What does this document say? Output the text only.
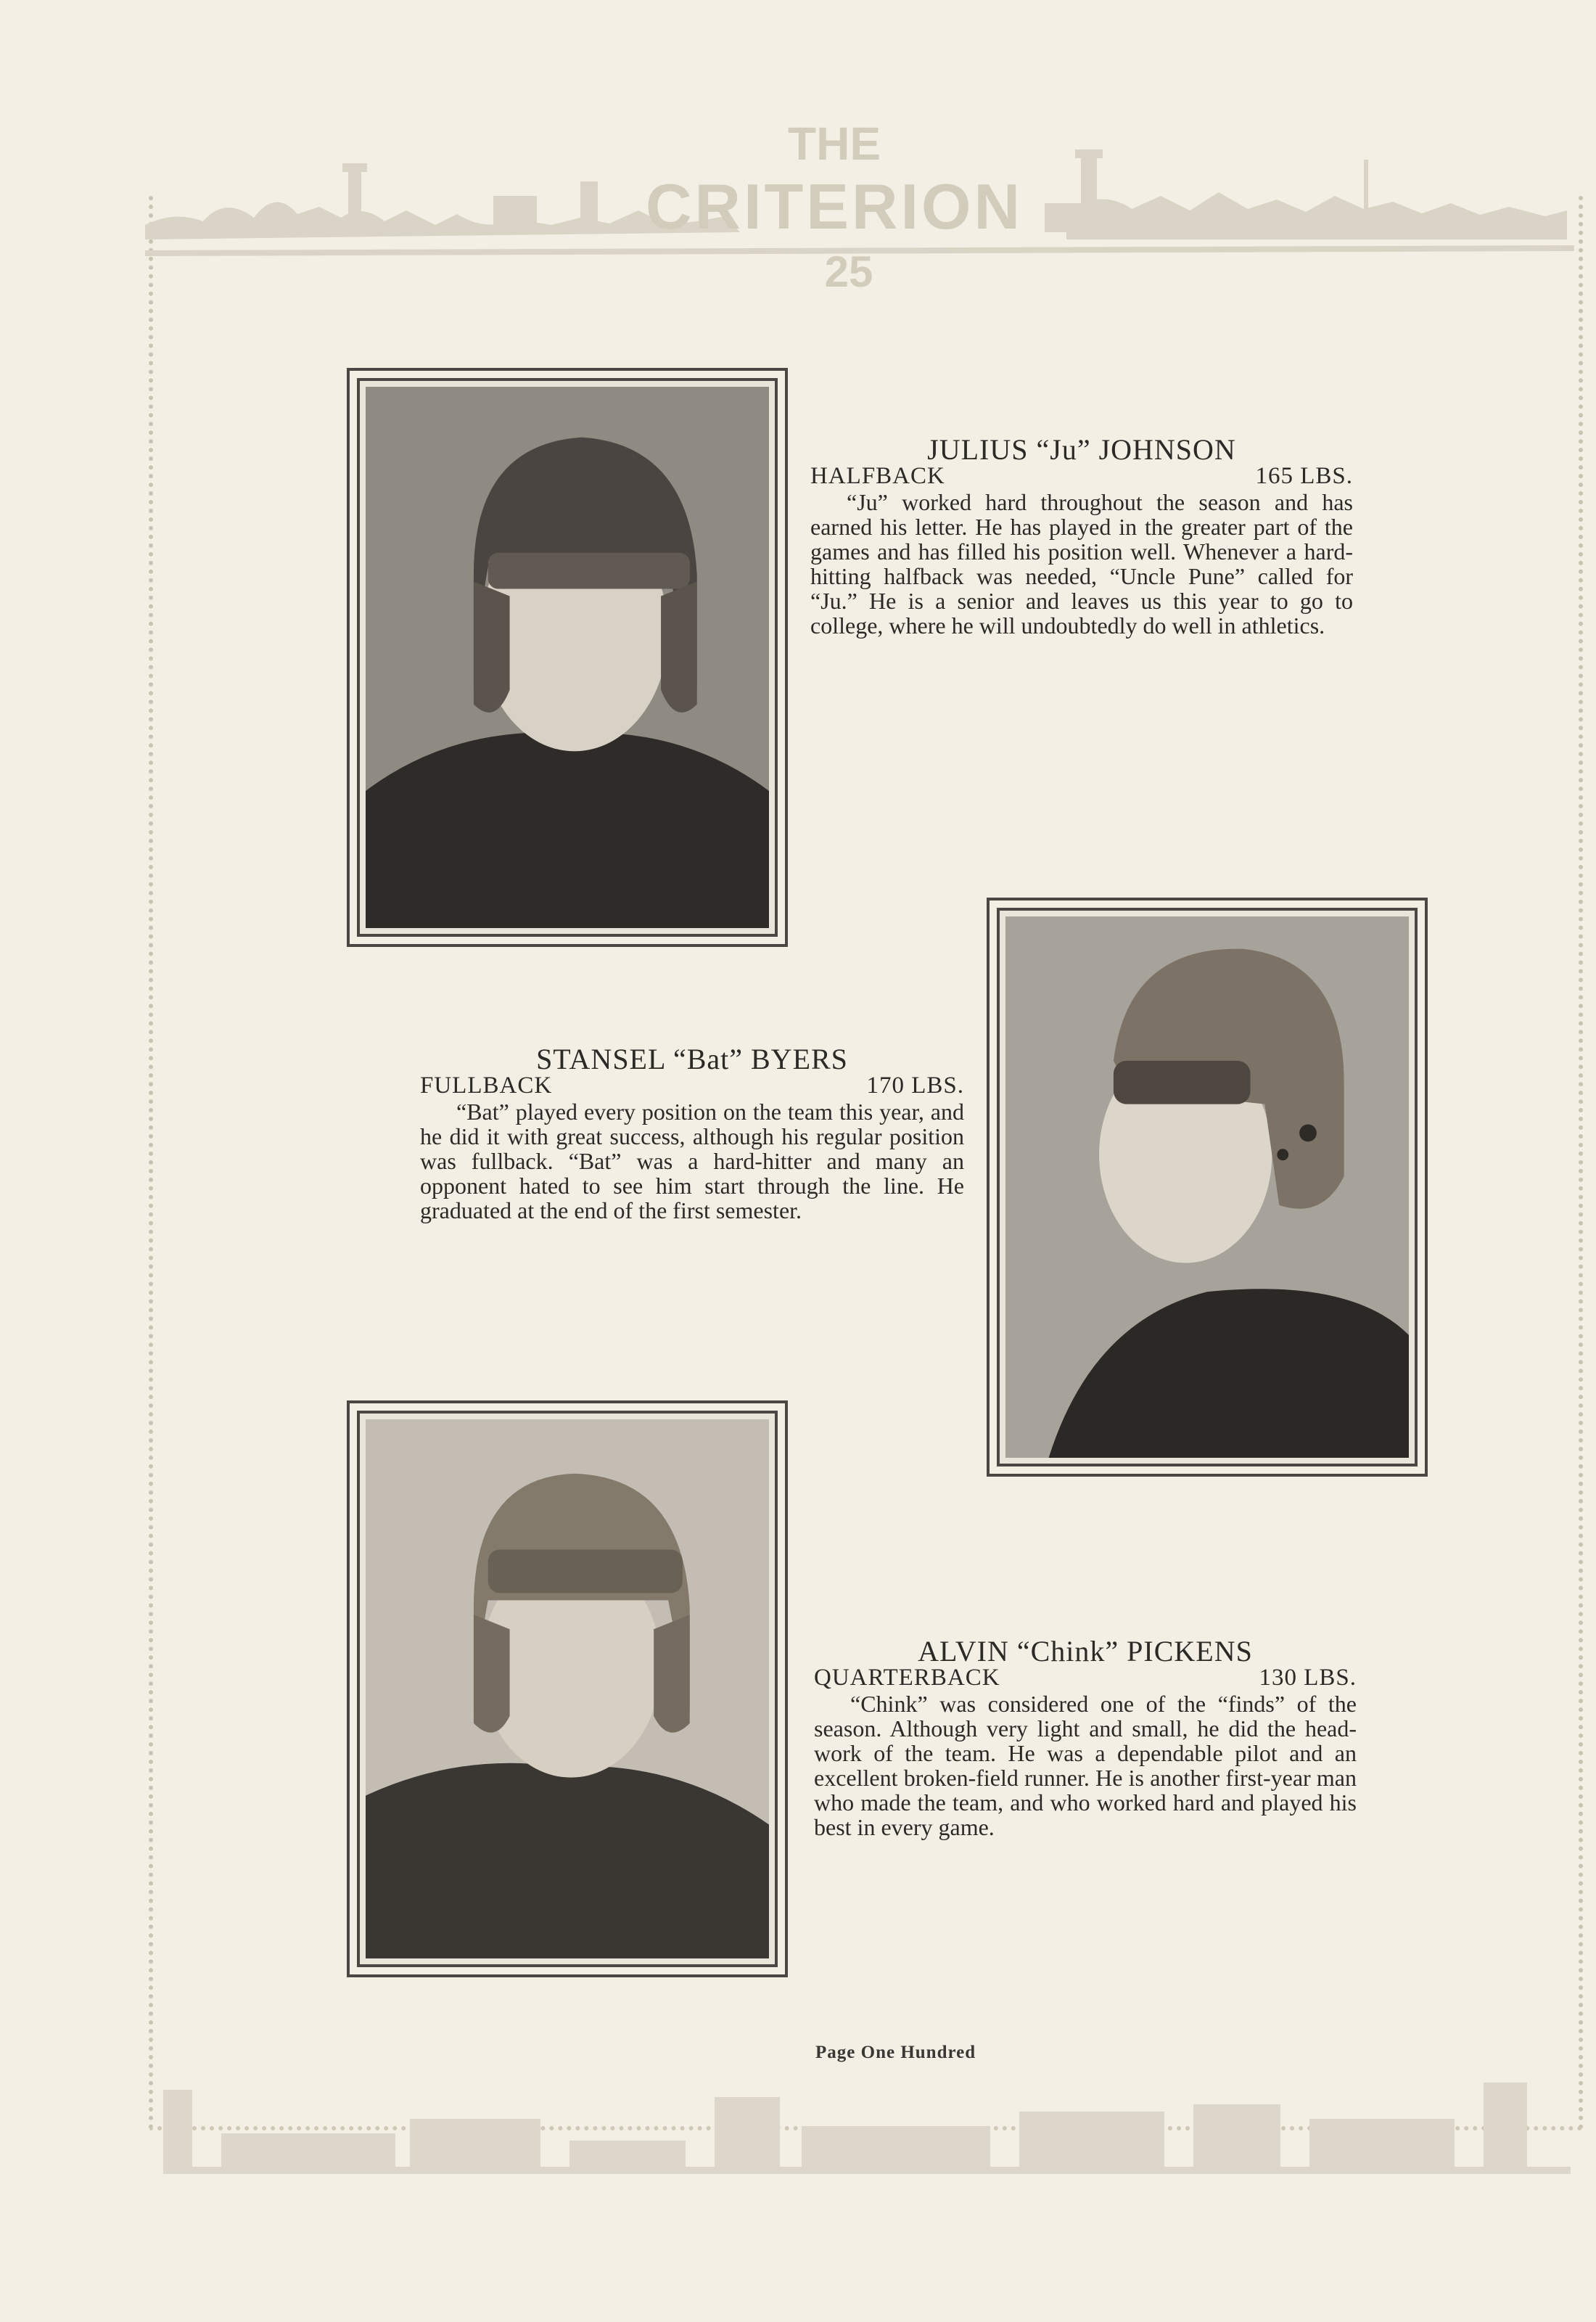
THE
CRITERION
25
JULIUS “Ju” JOHNSON
HALFBACK	165 LBS.
“Ju” worked hard throughout the season and has earned his letter. He has played in the greater part of the games and has filled his position well. Whenever a hard-hitting halfback was needed, “Uncle Pune” called for “Ju.” He is a senior and leaves us this year to go to college, where he will undoubtedly do well in athletics.
STANSEL “Bat” BYERS
FULLBACK	170 LBS.
“Bat” played every position on the team this year, and he did it with great success, although his regular position was fullback. “Bat” was a hard-hitter and many an opponent hated to see him start through the line. He graduated at the end of the first semester.
ALVIN “Chink” PICKENS
QUARTERBACK	130 LBS.
“Chink” was considered one of the “finds” of the season. Although very light and small, he did the head-work of the team. He was a dependable pilot and an excellent broken-field runner. He is another first-year man who made the team, and who worked hard and played his best in every game.
Page One Hundred
